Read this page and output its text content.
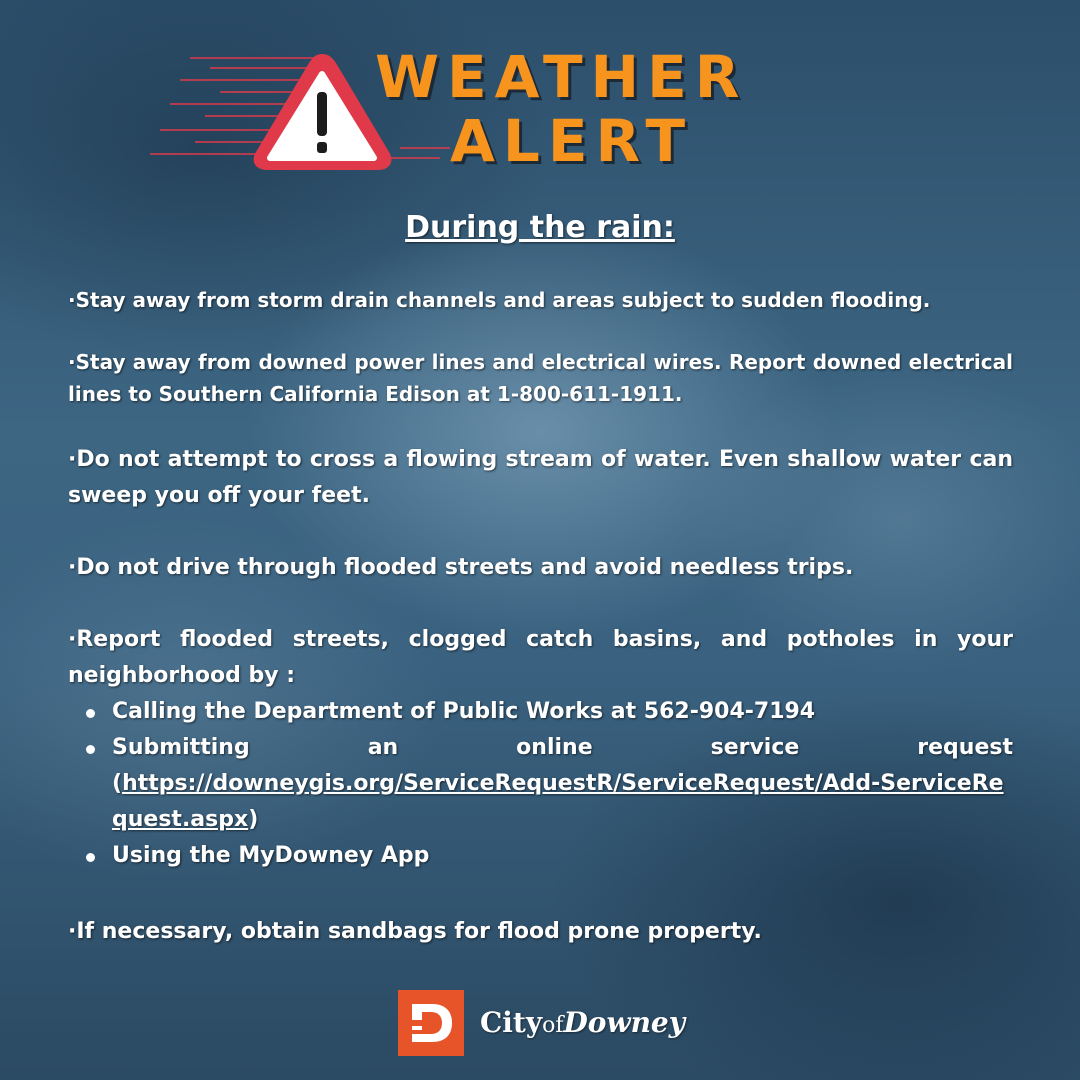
WEATHER
ALERT
During the rain:

·Stay away from storm drain channels and areas subject to sudden flooding.

·Stay away from downed power lines and electrical wires. Report downed electrical lines to Southern California Edison at 1-800-611-1911.

·Do not attempt to cross a flowing stream of water. Even shallow water can sweep you off your feet.

·Do not drive through flooded streets and avoid needless trips.

·Report flooded streets, clogged catch basins, and potholes in your neighborhood by :

Calling the Department of Public Works at 562-904-7194
Submitting	an	online	service	request
(https://downeygis.org/ServiceRequestR/ServiceRequest/Add-ServiceRequest.aspx)
Using the MyDowney App

·If necessary, obtain sandbags for flood prone property.

CityofDowney
